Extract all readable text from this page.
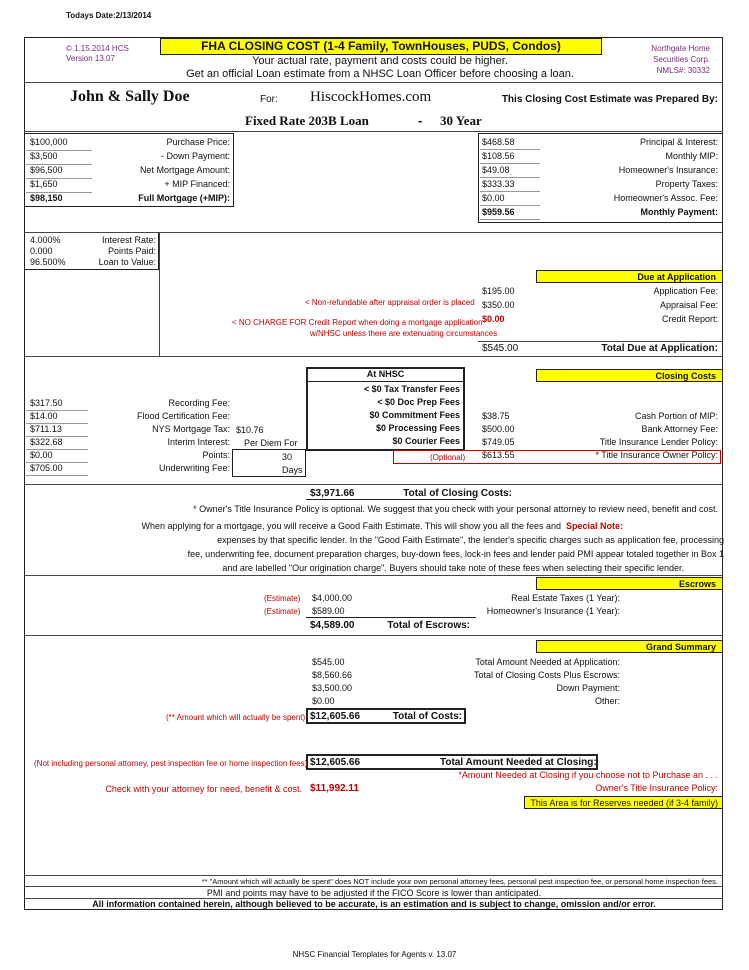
Todays Date:2/13/2014
© 1.15.2014 HCS
Version 13.07
Northgate Home
Securities Corp.
NMLS#: 30332
FHA CLOSING COST (1-4 Family, TownHouses, PUDS, Condos)
Your actual rate, payment and costs could be higher.
Get an official Loan estimate from a NHSC Loan Officer before choosing a loan.
This Closing Cost Estimate was Prepared By:
HiscockHomes.com
For:
John & Sally Doe
30 Year
-
Fixed Rate 203B Loan
Purchase Price:
$100,000
- Down Payment:
$3,500
Net Mortgage Amount:
$96,500
+ MIP Financed:
$1,650
Full Mortgage (+MIP):
$98,150
Interest Rate:
4.000%
Points Paid:
0.000
Loan to Value:
96.500%
Principal & Interest:
$468.58
Monthly MIP:
$108.56
Homeowner's Insurance:
$49.08
Property Taxes:
$333.33
Homeowner's Assoc. Fee:
$0.00
Monthly Payment:
$959.56
Due at Application
Application Fee:
$195.00
Appraisal Fee:
$350.00
Credit Report:
$0.00
< Non-refundable after appraisal order is placed
< NO CHARGE FOR Credit Report when doing a mortgage application
w/NHSC unless there are extenuating circumstances
Total Due at Application:
$545.00
Closing Costs
At NHSC
< $0 Tax Transfer Fees
< $0 Doc Prep Fees
$0 Commitment Fees
$0 Processing Fees
$0 Courier Fees
Recording Fee:
$317.50
Flood Certification Fee:
$14.00
NYS Mortgage Tax:
$711.13
Interim Interest:
$322.68
Points:
$0.00
Underwriting Fee:
$705.00
Cash Portion of MIP:
$38.75
Bank Attorney Fee:
$500.00
Title Insurance Lender Policy:
$749.05
* Title Insurance Owner Policy:
$613.55
$10.76
Per Diem For
30
Days
(Optional)
Total of Closing Costs:
$3,971.66
* Owner's Title Insurance Policy is optional. We suggest that you check with your personal attorney to review need, benefit and cost.
Special Note:
When applying for a mortgage, you will receive a Good Faith Estimate. This will show you all the fees and
expenses by that specific lender. In the "Good Faith Estimate", the lender's specific charges such as application fee, processing
fee, underwriting fee, document preparation charges, buy-down fees, lock-in fees and lender paid PMI appear totaled together in Box 1
and are labelled "Our origination charge". Buyers should take note of these fees when selecting their specific lender.
Escrows
Real Estate Taxes (1 Year):
$4,000.00
(Estimate)
Homeowner's Insurance (1 Year):
$589.00
(Estimate)
Total of Escrows:
$4,589.00
Grand Summary
Total Amount Needed at Application:
$545.00
Total of Closing Costs Plus Escrows:
$8,560.66
Down Payment:
$3,500.00
Other:
$0.00
Total of Costs:
$12,605.66
(** Amount which will actually be spent)
Total Amount Needed at Closing:
$12,605.66
(Not including personal attorney, pest inspection fee or home inspection fees)
*Amount Needed at Closing if you choose not to Purchase an . . .
Owner's Title Insurance Policy:
$11,992.11
Check with your attorney for need, benefit & cost.
This Area is for Reserves needed (if 3-4 family)
** "Amount which will actually be spent" does NOT include your own personal attorney fees, personal pest inspection fee, or personal home inspection fees.
PMI and points may have to be adjusted if the FICO Score is lower than anticipated.
All information contained herein, although believed to be accurate, is an estimation and is subject to change, omission and/or error.
NHSC Financial Templates for Agents v. 13.07
